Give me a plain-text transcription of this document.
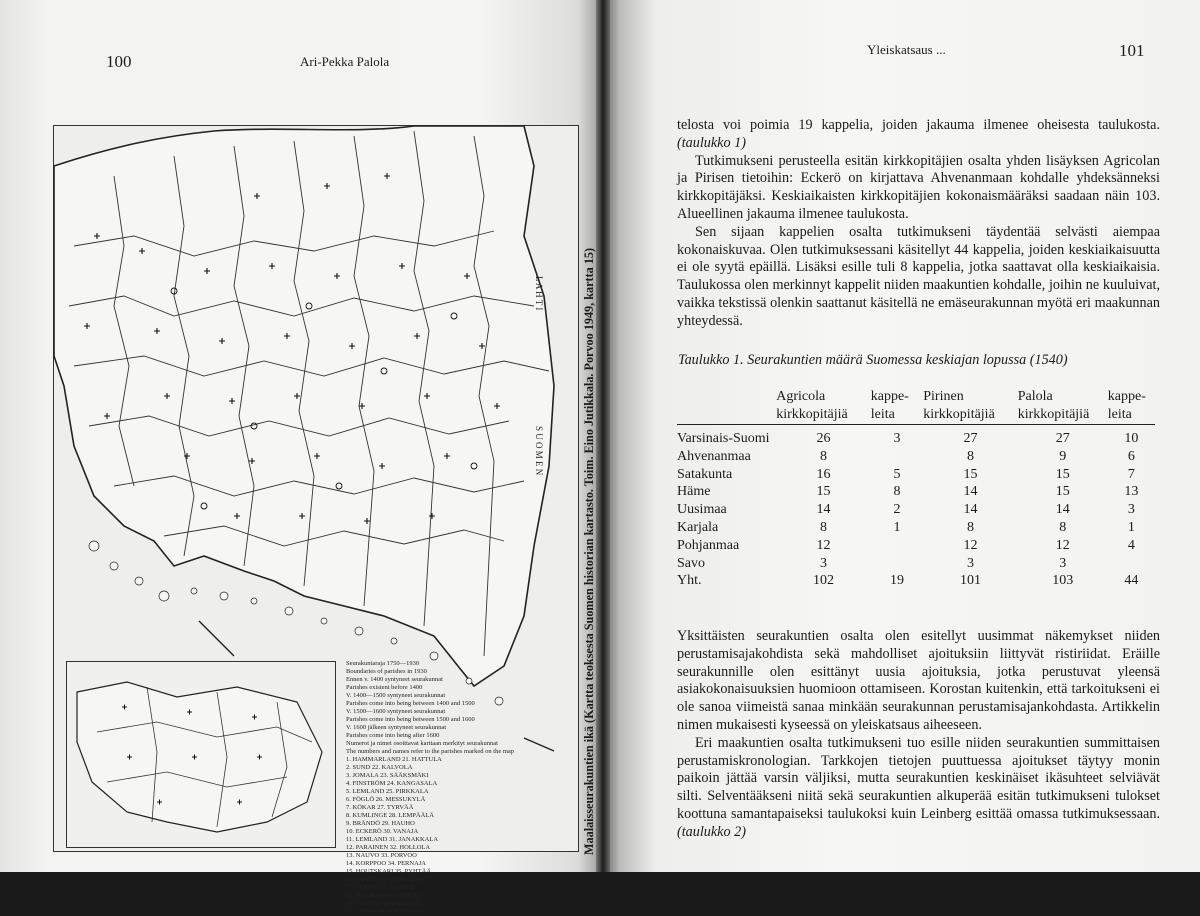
100	Ari-Pekka Palola
L A H T I
S U O M E N
Seurakuntaraja 1750—1930
Boundaries of parishes in 1930
Ennen v. 1400 syntyneet seurakunnat
Parishes existent before 1400
V. 1400—1500 syntyneet seurakunnat
Parishes come into being between 1400 and 1500
V. 1500—1600 syntyneet seurakunnat
Parishes come into being between 1500 and 1600
V. 1600 jälkeen syntyneet seurakunnat
Parishes come into being after 1600
Numerot ja nimet osoittavat karttaan merkityt seurakunnat
The numbers and names refer to the parishes marked on the map
1. HAMMARLAND 21. HATTULA
2. SUND 22. KALVOLA
3. JOMALA 23. SÄÄKSMÄKI
4. FINSTRÖM 24. KANGASALA
5. LEMLAND 25. PIRKKALA
6. FÖGLÖ 26. MESSUKYLÄ
7. KÖKAR 27. TYRVÄÄ
8. KUMLINGE 28. LEMPÄÄLÄ
9. BRÄNDÖ 29. HAUHO
10. ECKERÖ 30. VANAJA
11. LEMLAND 31. JANAKKALA
12. PARAINEN 32. HOLLOLA
13. NAUVO 33. PORVOO
14. KORPPOO 34. PERNAJA
15. HOUTSKARI 35. PYHTÄÄ
16. KEMIÖ 36. VEHKALAHTI
17. PERNIÖ 37. LAPPEE
18. HALIKKO 38. VIIPURI
19. SALO 39. KÄKISALMI
20. LOHJA 40. SORTAVALA
Maalaisseurakuntien ikä (Kartta teoksesta Suomen historian kartasto. Toim. Eino Jutikkala. Porvoo 1949, kartta 15)
Yleiskatsaus ...	101

telosta voi poimia 19 kappelia, joiden jakauma ilmenee oheisesta taulukosta. (taulukko 1)

Tutkimukseni perusteella esitän kirkkopitäjien osalta yhden lisäyksen Agricolan ja Pirisen tietoihin: Eckerö on kirjattava Ahvenanmaan kohdalle yhdeksänneksi kirkkopitäjäksi. Keskiaikaisten kirkkopitäjien kokonaismääräksi saadaan näin 103. Alueellinen jakauma ilmenee taulukosta.

Sen sijaan kappelien osalta tutkimukseni täydentää selvästi aiempaa kokonaiskuvaa. Olen tutkimuksessani käsitellyt 44 kappelia, joiden keskiaikaisuutta ei ole syytä epäillä. Lisäksi esille tuli 8 kappelia, jotka saattavat olla keskiaikaisia. Taulukossa olen merkinnyt kappelit niiden maakuntien kohdalle, joihin ne kuuluivat, vaikka tekstissä olenkin saattanut käsitellä ne emäseurakunnan myötä eri maakunnan yhteydessä.

Taulukko 1. Seurakuntien määrä Suomessa keskiajan lopussa (1540)
	Agricola kirkkopitäjiä	kappe- leita	Pirinen kirkkopitäjiä	Palola kirkkopitäjiä	kappe- leita

Varsinais-Suomi	26	3	27	27	10
Ahvenanmaa	8		8	9	6
Satakunta	16	5	15	15	7
Häme	15	8	14	15	13
Uusimaa	14	2	14	14	3
Karjala	8	1	8	8	1
Pohjanmaa	12		12	12	4
Savo	3		3	3	
Yht.	102	19	101	103	44

Yksittäisten seurakuntien osalta olen esitellyt uusimmat näkemykset niiden perustamisajakohdista sekä mahdolliset ajoituksiin liittyvät ristiriidat. Eräille seurakunnille olen esittänyt uusia ajoituksia, jotka perustuvat yleensä asiakokonaisuuksien huomioon ottamiseen. Korostan kuitenkin, että tarkoitukseni ei ole sanoa viimeistä sanaa minkään seurakunnan perustamisajankohdasta. Artikkelin nimen mukaisesti kyseessä on yleiskatsaus aiheeseen.

Eri maakuntien osalta tutkimukseni tuo esille niiden seurakuntien summittaisen perustamiskronologian. Tarkkojen tietojen puuttuessa ajoitukset täytyy monin paikoin jättää varsin väljiksi, mutta seurakuntien keskinäiset ikäsuhteet selviävät silti. Selventääkseni niitä sekä seurakuntien alkuperää esitän tutkimukseni tulokset koottuna samantapaiseksi taulukoksi kuin Leinberg esittää omassa tutkimuksessaan. (taulukko 2)
